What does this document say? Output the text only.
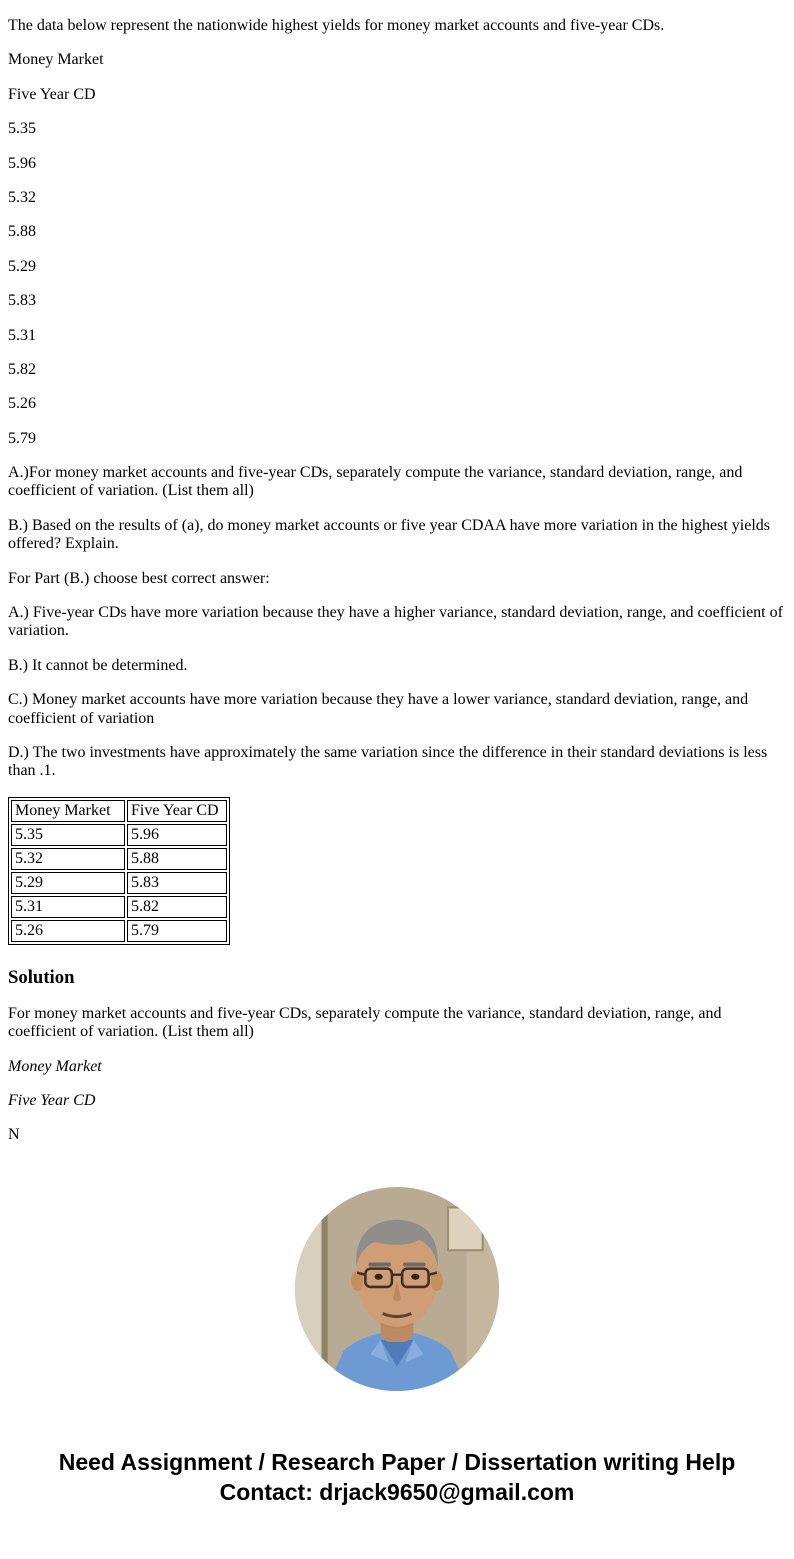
The data below represent the nationwide highest yields for money market accounts and five-year CDs.

Money Market

Five Year CD

5.35

5.96

5.32

5.88

5.29

5.83

5.31

5.82

5.26

5.79

A.)For money market accounts and five-year CDs, separately compute the variance, standard deviation, range, and coefficient of variation. (List them all)

B.) Based on the results of (a), do money market accounts or five year CDAA have more variation in the highest yields offered? Explain.

For Part (B.) choose best correct answer:

A.) Five-year CDs have more variation because they have a higher variance, standard deviation, range, and coefficient of variation.

B.) It cannot be determined.

C.) Money market accounts have more variation because they have a lower variance, standard deviation, range, and coefficient of variation

D.) The two investments have approximately the same variation since the difference in their standard deviations is less than .1.

Money Market	Five Year CD
5.35	5.96
5.32	5.88
5.29	5.83
5.31	5.82
5.26	5.79
Solution

For money market accounts and five-year CDs, separately compute the variance, standard deviation, range, and coefficient of variation. (List them all)

Money Market

Five Year CD

N

Need Assignment / Research Paper / Dissertation writing Help
Contact: drjack9650@gmail.com
